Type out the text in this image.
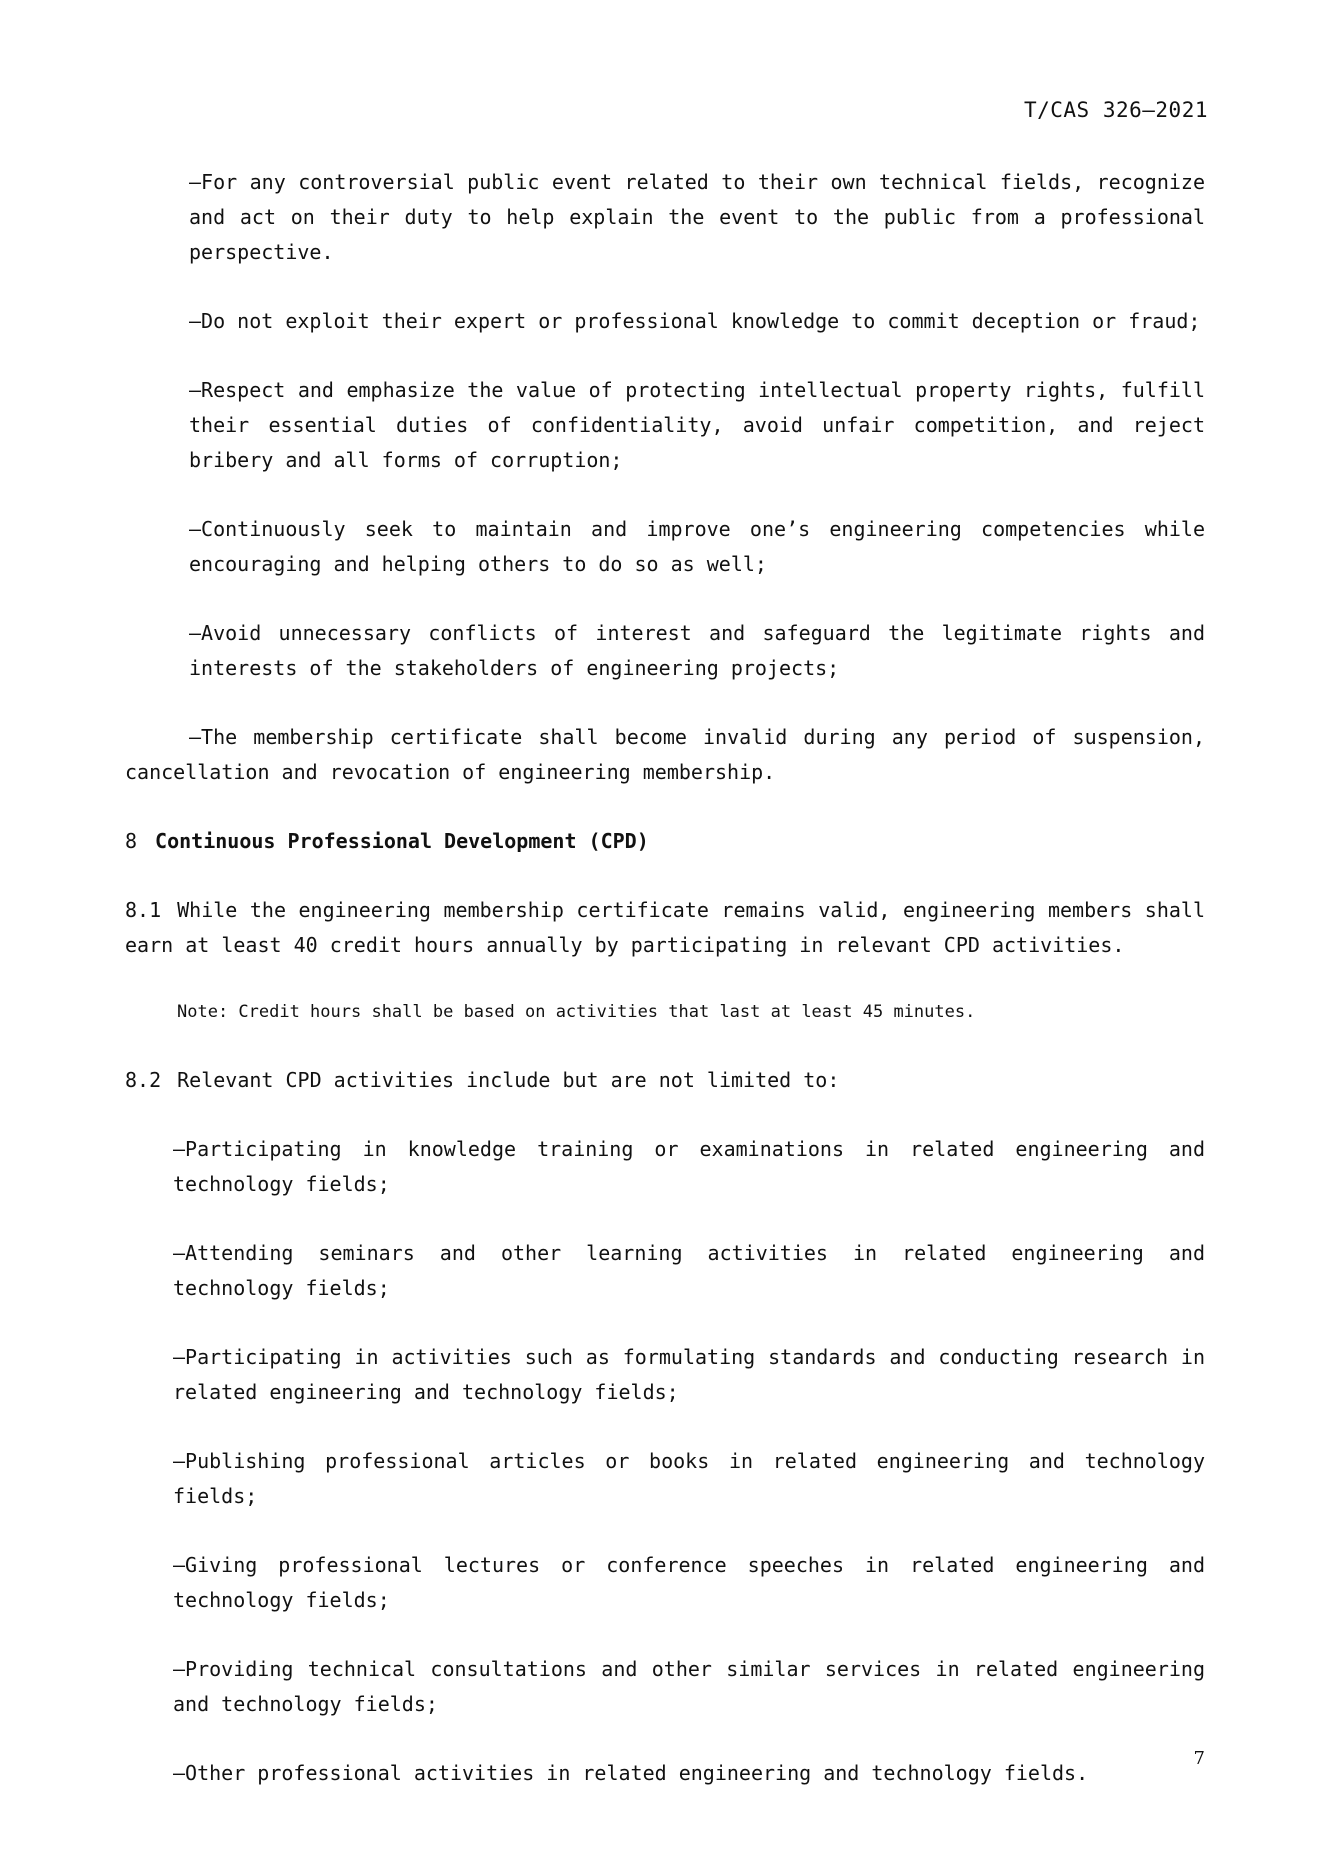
T/CAS 326—2021

—For any controversial public event related to their own technical fields, recognize and act on their duty to help explain the event to the public from a professional perspective.

—Do not exploit their expert or professional knowledge to commit deception or fraud;

—Respect and emphasize the value of protecting intellectual property rights, fulfill their essential duties of confidentiality, avoid unfair competition, and reject bribery and all forms of corruption;

—Continuously seek to maintain and improve one’s engineering competencies while encouraging and helping others to do so as well;

—Avoid unnecessary conflicts of interest and safeguard the legitimate rights and interests of the stakeholders of engineering projects;

—The membership certificate shall become invalid during any period of suspension, cancellation and revocation of engineering membership.

8 Continuous Professional Development (CPD)

8.1 While the engineering membership certificate remains valid, engineering members shall earn at least 40 credit hours annually by participating in relevant CPD activities.

Note: Credit hours shall be based on activities that last at least 45 minutes.

8.2 Relevant CPD activities include but are not limited to:

—Participating in knowledge training or examinations in related engineering and technology fields;

—Attending seminars and other learning activities in related engineering and technology fields;

—Participating in activities such as formulating standards and conducting research in related engineering and technology fields;

—Publishing professional articles or books in related engineering and technology fields;

—Giving professional lectures or conference speeches in related engineering and technology fields;

—Providing technical consultations and other similar services in related engineering and technology fields;

—Other professional activities in related engineering and technology fields.

7
